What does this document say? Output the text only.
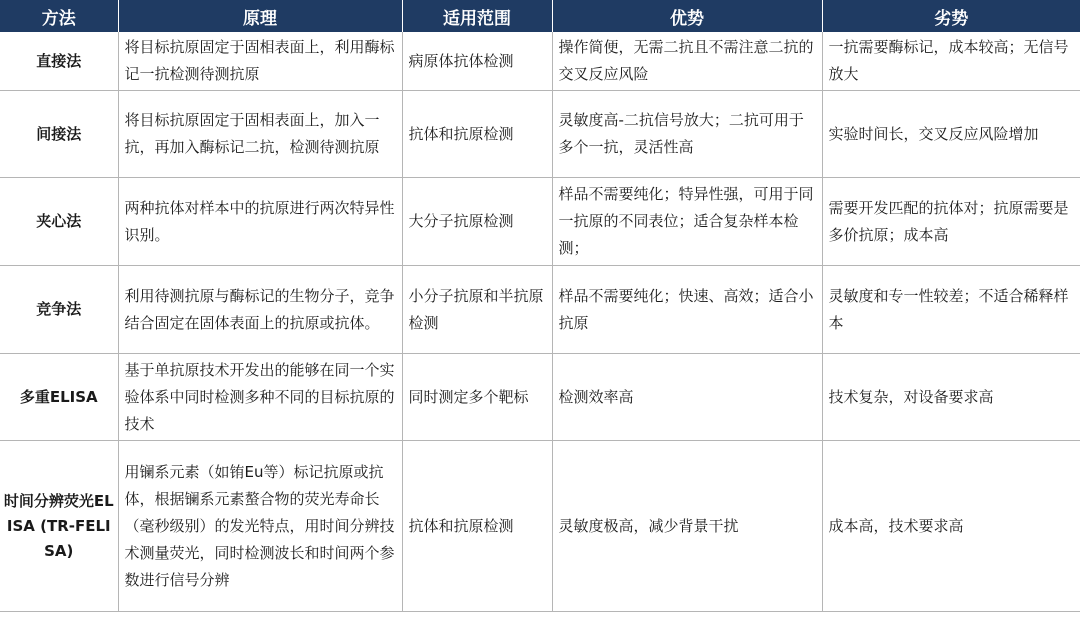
方法	原理	适用范围	优势	劣势
直接法	将目标抗原固定于固相表面上，利用酶标记一抗检测待测抗原	病原体抗体检测	操作简便，无需二抗且不需注意二抗的交叉反应风险	一抗需要酶标记，成本较高；无信号放大
间接法	将目标抗原固定于固相表面上，加入一抗，再加入酶标记二抗，检测待测抗原	抗体和抗原检测	灵敏度高-二抗信号放大；二抗可用于多个一抗，灵活性高	实验时间长，交叉反应风险增加
夹心法	两种抗体对样本中的抗原进行两次特异性识别。	大分子抗原检测	样品不需要纯化；特异性强，可用于同一抗原的不同表位；适合复杂样本检测；	需要开发匹配的抗体对；抗原需要是多价抗原；成本高
竞争法	利用待测抗原与酶标记的生物分子，竞争结合固定在固体表面上的抗原或抗体。	小分子抗原和半抗原检测	样品不需要纯化；快速、高效；适合小抗原	灵敏度和专一性较差；不适合稀释样本
多重ELISA	基于单抗原技术开发出的能够在同一个实验体系中同时检测多种不同的目标抗原的技术	同时测定多个靶标	检测效率高	技术复杂，对设备要求高
时间分辨荧光ELISA (TR-FELISA)	用镧系元素（如铕Eu等）标记抗原或抗体，根据镧系元素螯合物的荧光寿命长（毫秒级别）的发光特点，用时间分辨技术测量荧光，同时检测波长和时间两个参数进行信号分辨	抗体和抗原检测	灵敏度极高，减少背景干扰	成本高，技术要求高
